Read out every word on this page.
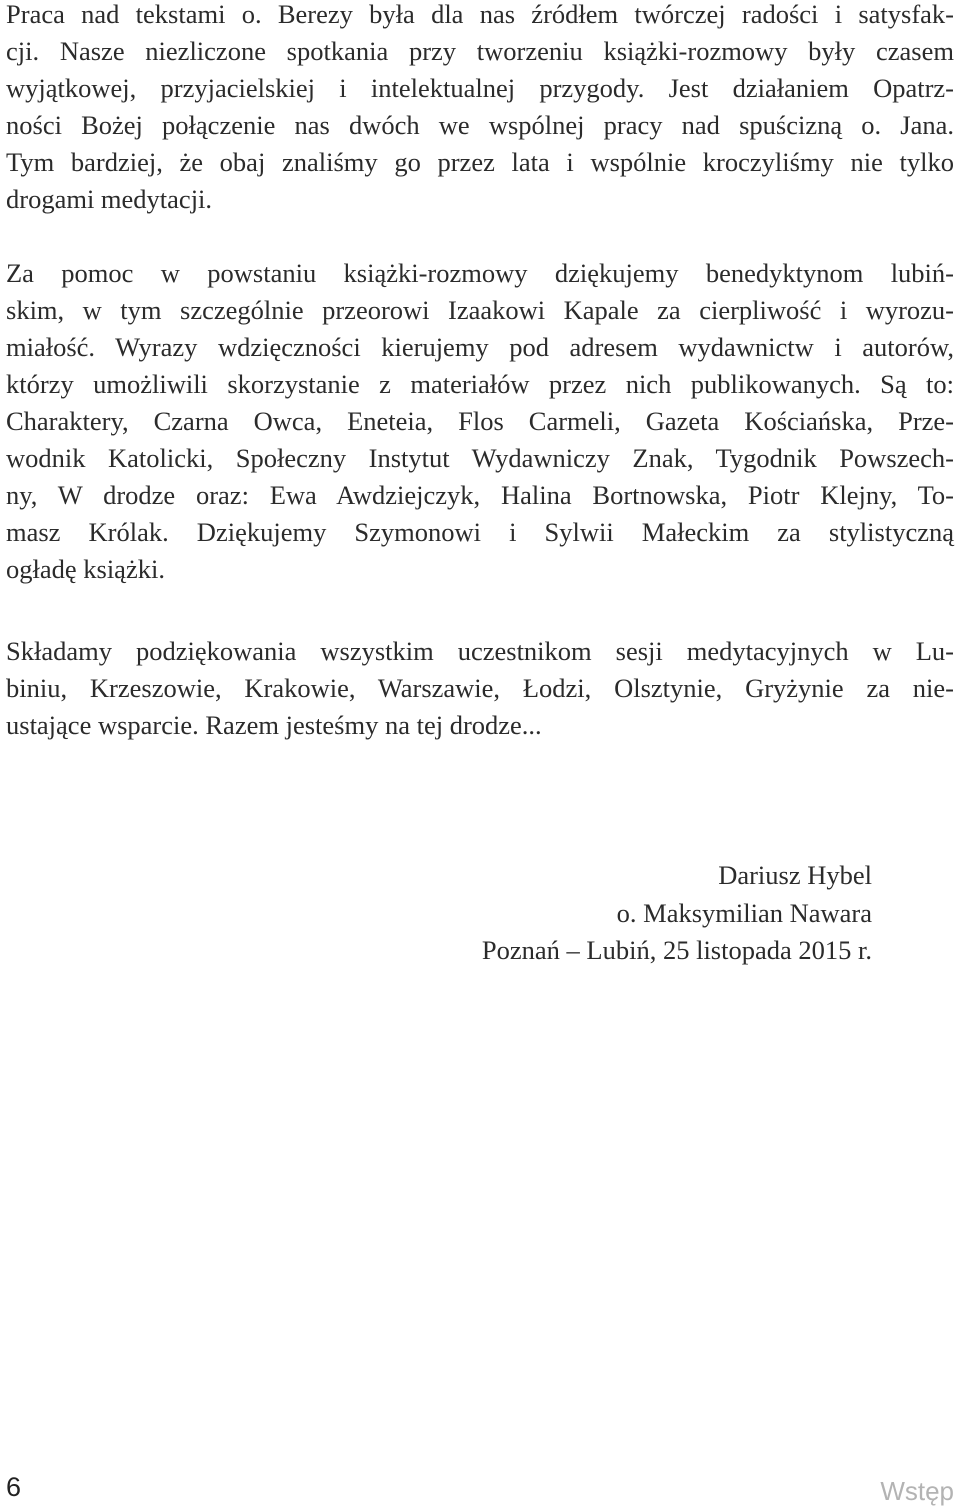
Praca nad tekstami o. Berezy była dla nas źródłem twórczej radości i satysfak-
cji. Nasze niezliczone spotkania przy tworzeniu książki-rozmowy były czasem
wyjątkowej, przyjacielskiej i intelektualnej przygody. Jest działaniem Opatrz-
ności Bożej połączenie nas dwóch we wspólnej pracy nad spuścizną o. Jana.
Tym bardziej, że obaj znaliśmy go przez lata i wspólnie kroczyliśmy nie tylko
drogami medytacji.
Za pomoc w powstaniu książki-rozmowy dziękujemy benedyktynom lubiń-
skim, w tym szczególnie przeorowi Izaakowi Kapale za cierpliwość i wyrozu-
miałość. Wyrazy wdzięczności kierujemy pod adresem wydawnictw i autorów,
którzy umożliwili skorzystanie z materiałów przez nich publikowanych. Są to:
Charaktery, Czarna Owca, Eneteia, Flos Carmeli, Gazeta Kościańska, Prze-
wodnik Katolicki, Społeczny Instytut Wydawniczy Znak, Tygodnik Powszech-
ny, W drodze oraz: Ewa Awdziejczyk, Halina Bortnowska, Piotr Klejny, To-
masz Królak. Dziękujemy Szymonowi i Sylwii Małeckim za stylistyczną
ogładę książki.
Składamy podziękowania wszystkim uczestnikom sesji medytacyjnych w Lu-
biniu, Krzeszowie, Krakowie, Warszawie, Łodzi, Olsztynie, Gryżynie za nie-
ustające wsparcie. Razem jesteśmy na tej drodze...
Dariusz Hybel
o. Maksymilian Nawara
Poznań – Lubiń, 25 listopada 2015 r.
6	Wstęp
